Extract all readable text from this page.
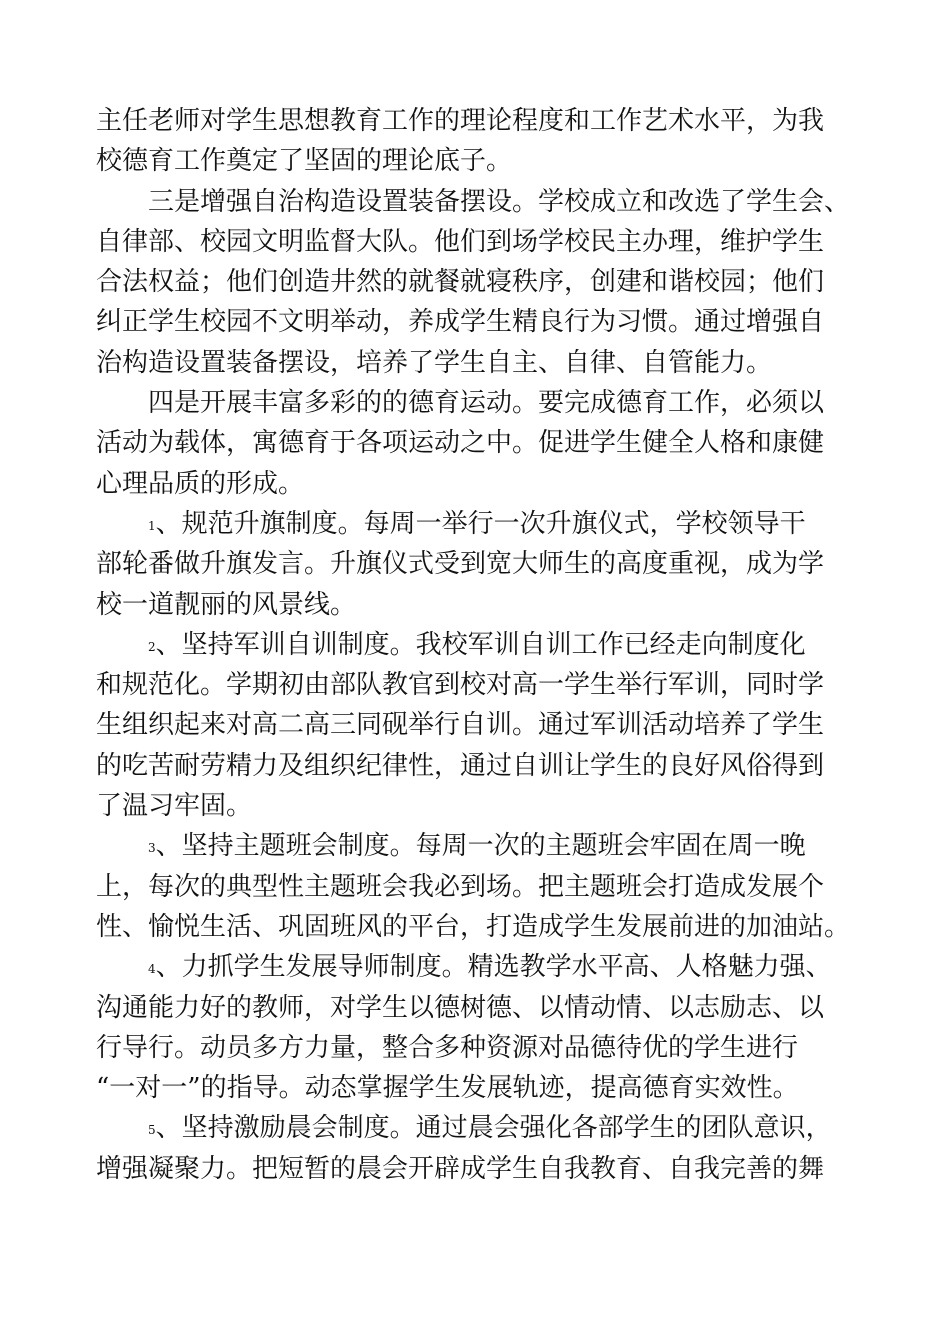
主任老师对学生思想教育工作的理论程度和工作艺术水平，为我
校德育工作奠定了坚固的理论底子。
三是增强自治构造设置装备摆设。学校成立和改选了学生会、
自律部、校园文明监督大队。他们到场学校民主办理，维护学生
合法权益；他们创造井然的就餐就寝秩序，创建和谐校园；他们
纠正学生校园不文明举动，养成学生精良行为习惯。通过增强自
治构造设置装备摆设，培养了学生自主、自律、自管能力。
四是开展丰富多彩的的德育运动。要完成德育工作，必须以
活动为载体，寓德育于各项运动之中。促进学生健全人格和康健
心理品质的形成。
1、规范升旗制度。每周一举行一次升旗仪式，学校领导干
部轮番做升旗发言。升旗仪式受到宽大师生的高度重视，成为学
校一道靓丽的风景线。
2、坚持军训自训制度。我校军训自训工作已经走向制度化
和规范化。学期初由部队教官到校对高一学生举行军训，同时学
生组织起来对高二高三同砚举行自训。通过军训活动培养了学生
的吃苦耐劳精力及组织纪律性，通过自训让学生的良好风俗得到
了温习牢固。
3、坚持主题班会制度。每周一次的主题班会牢固在周一晚
上，每次的典型性主题班会我必到场。把主题班会打造成发展个
性、愉悦生活、巩固班风的平台，打造成学生发展前进的加油站。
4、力抓学生发展导师制度。精选教学水平高、人格魅力强、
沟通能力好的教师，对学生以德树德、以情动情、以志励志、以
行导行。动员多方力量，整合多种资源对品德待优的学生进行
“一对一”的指导。动态掌握学生发展轨迹，提高德育实效性。
5、坚持激励晨会制度。通过晨会强化各部学生的团队意识，
增强凝聚力。把短暂的晨会开辟成学生自我教育、自我完善的舞
